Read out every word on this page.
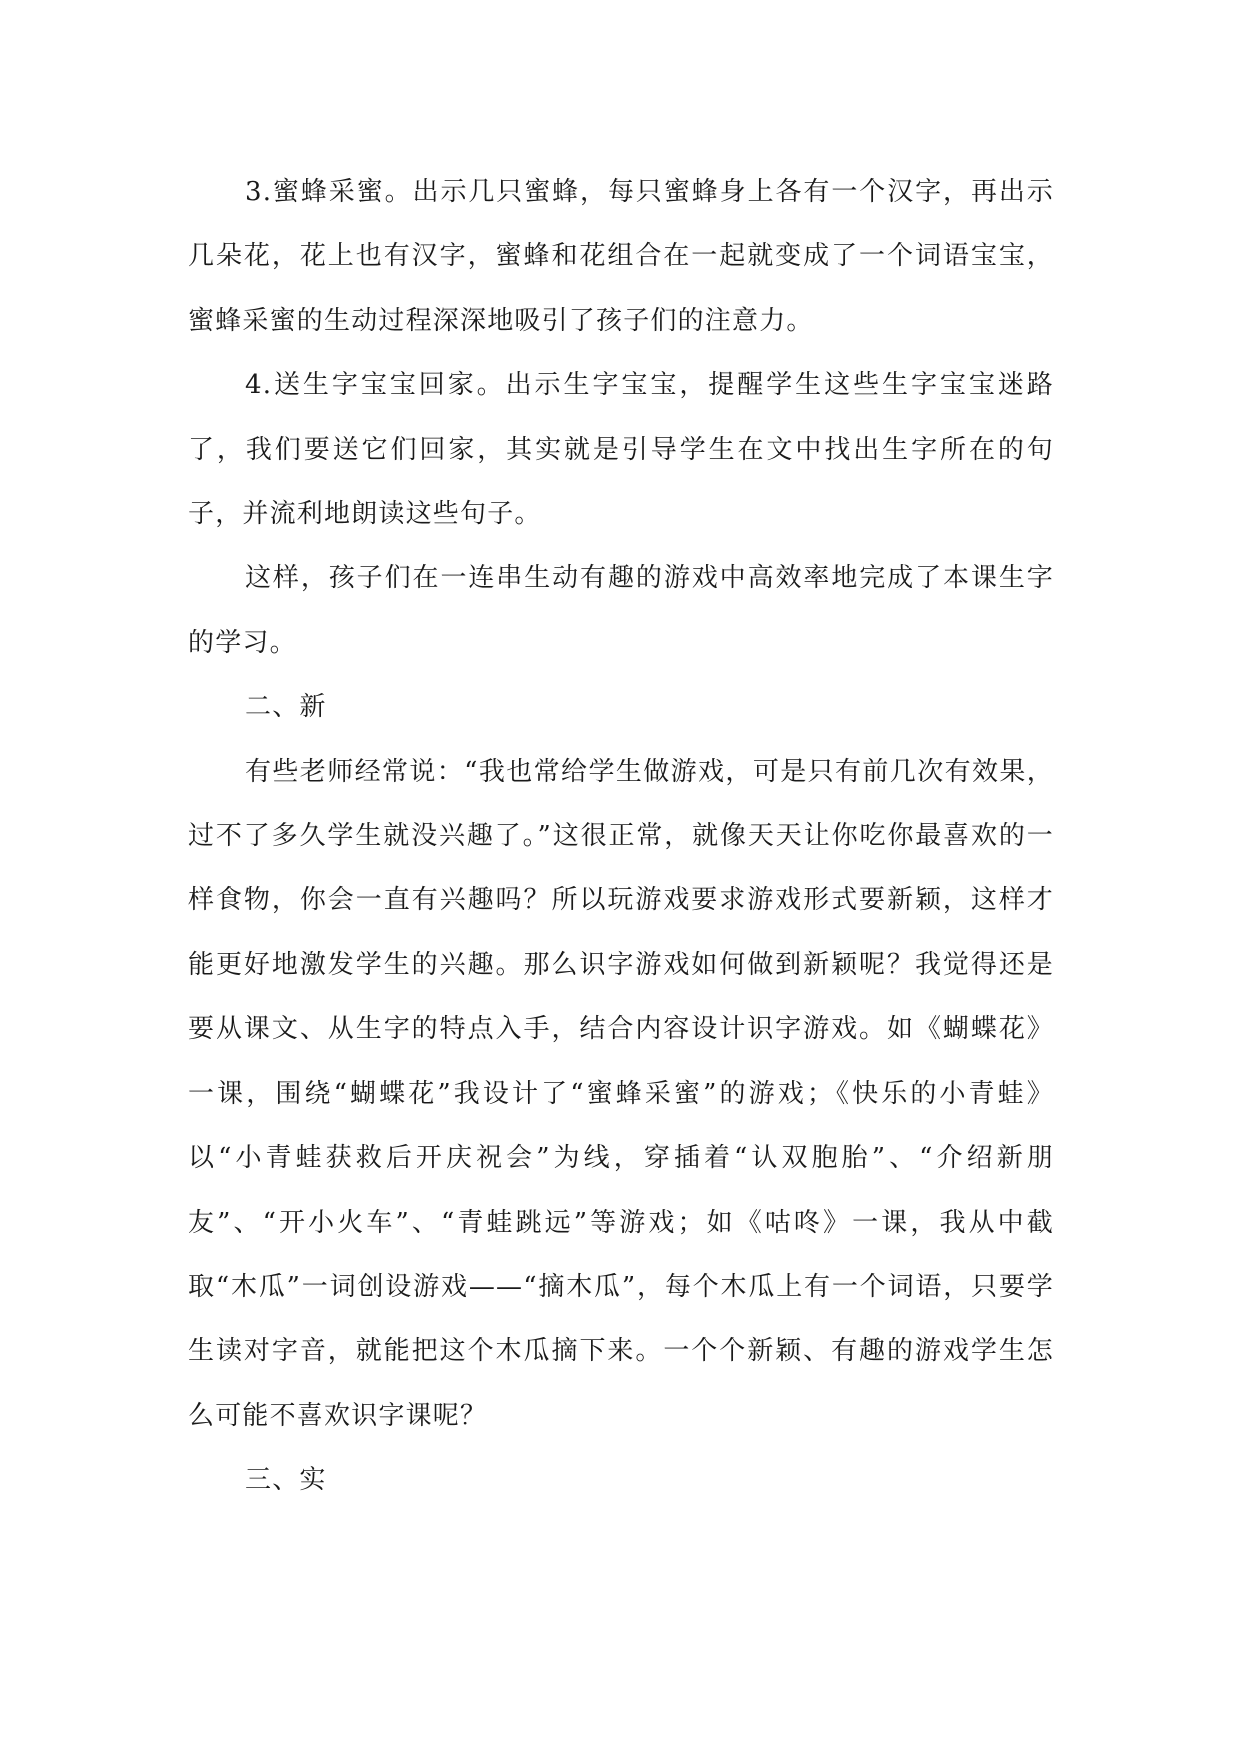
3.蜜蜂采蜜。出示几只蜜蜂，每只蜜蜂身上各有一个汉字，再出示几朵花，花上也有汉字，蜜蜂和花组合在一起就变成了一个词语宝宝，蜜蜂采蜜的生动过程深深地吸引了孩子们的注意力。

4.送生字宝宝回家。出示生字宝宝，提醒学生这些生字宝宝迷路了，我们要送它们回家，其实就是引导学生在文中找出生字所在的句子，并流利地朗读这些句子。

这样，孩子们在一连串生动有趣的游戏中高效率地完成了本课生字的学习。

二、新

有些老师经常说：“我也常给学生做游戏，可是只有前几次有效果，过不了多久学生就没兴趣了。”这很正常，就像天天让你吃你最喜欢的一样食物，你会一直有兴趣吗？所以玩游戏要求游戏形式要新颖，这样才能更好地激发学生的兴趣。那么识字游戏如何做到新颖呢？我觉得还是要从课文、从生字的特点入手，结合内容设计识字游戏。如《蝴蝶花》一课，围绕“蝴蝶花”我设计了“蜜蜂采蜜”的游戏；《快乐的小青蛙》以“小青蛙获救后开庆祝会”为线，穿插着“认双胞胎”、“介绍新朋友”、“开小火车”、“青蛙跳远”等游戏；如《咕咚》一课，我从中截取“木瓜”一词创设游戏——“摘木瓜”，每个木瓜上有一个词语，只要学生读对字音，就能把这个木瓜摘下来。一个个新颖、有趣的游戏学生怎么可能不喜欢识字课呢？

三、实
